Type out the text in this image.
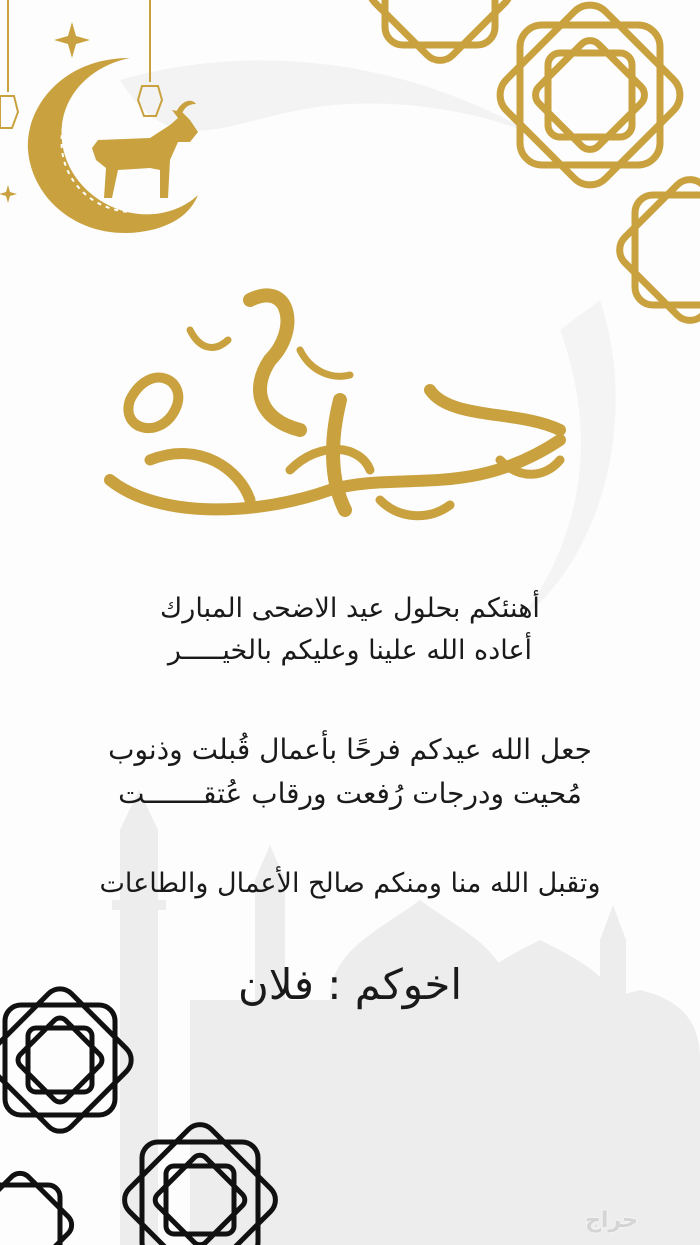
أهنئكم بحلول عيد الاضحى المبارك
أعاده الله علينا وعليكم بالخيـــــر
جعل الله عيدكم فرحًا بأعمال قُبلت وذنوب
مُحيت ودرجات رُفعت ورقاب عُتقـــــــت
وتقبل الله منا ومنكم صالح الأعمال والطاعات
اخوكم : فلان
حراج
